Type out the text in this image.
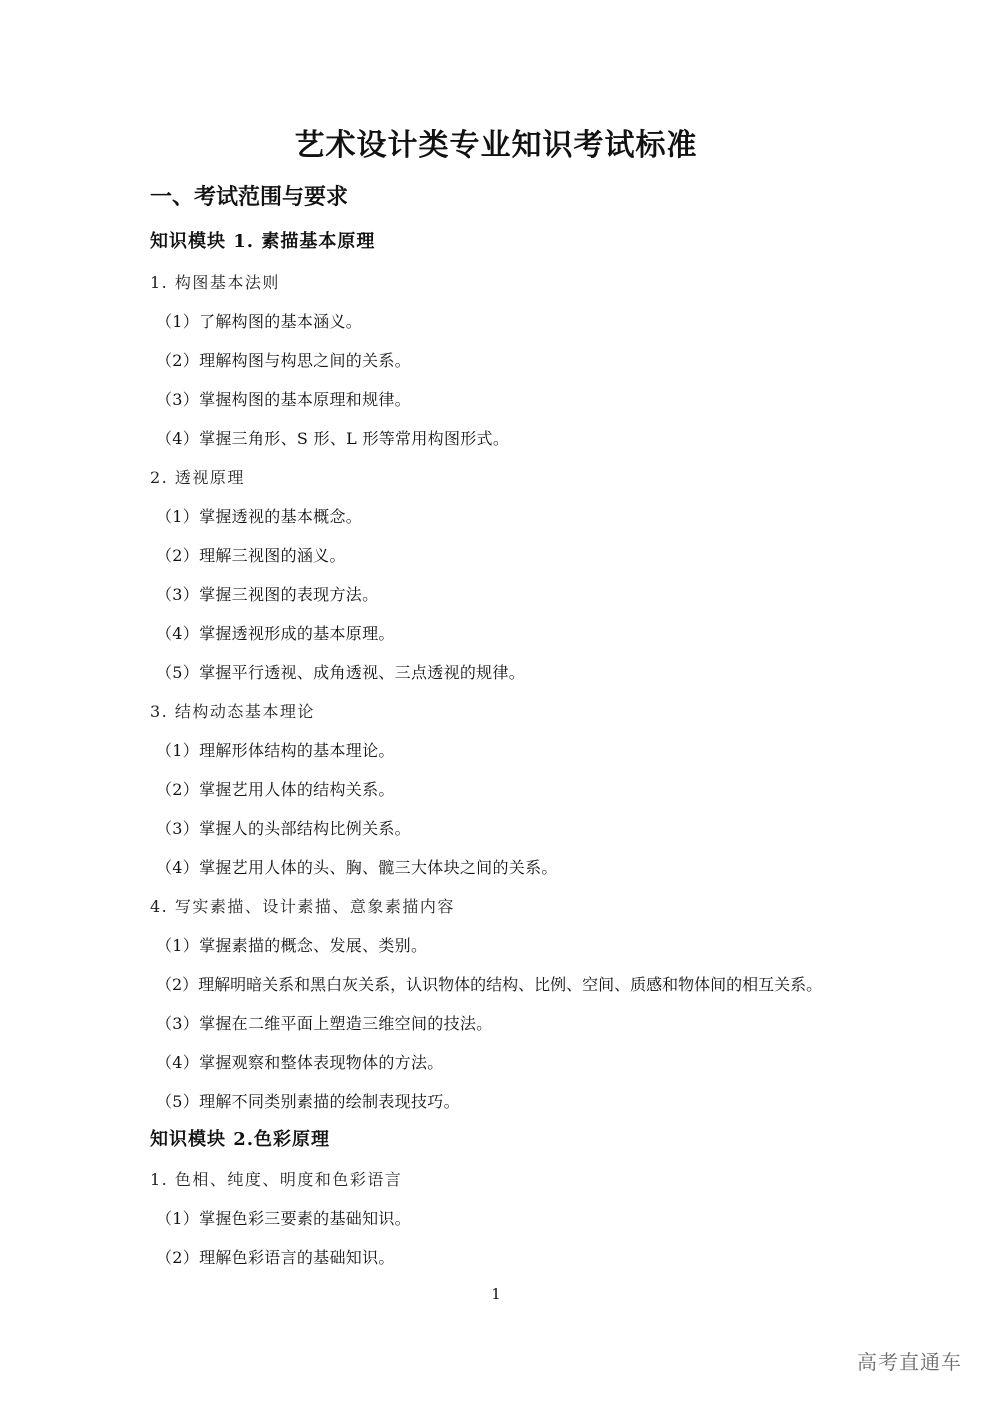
艺术设计类专业知识考试标准
一、考试范围与要求
知识模块 1. 素描基本原理
1. 构图基本法则
（1）了解构图的基本涵义。
（2）理解构图与构思之间的关系。
（3）掌握构图的基本原理和规律。
（4）掌握三角形、S 形、L 形等常用构图形式。
2. 透视原理
（1）掌握透视的基本概念。
（2）理解三视图的涵义。
（3）掌握三视图的表现方法。
（4）掌握透视形成的基本原理。
（5）掌握平行透视、成角透视、三点透视的规律。
3. 结构动态基本理论
（1）理解形体结构的基本理论。
（2）掌握艺用人体的结构关系。
（3）掌握人的头部结构比例关系。
（4）掌握艺用人体的头、胸、髋三大体块之间的关系。
4. 写实素描、设计素描、意象素描内容
（1）掌握素描的概念、发展、类别。
（2）理解明暗关系和黑白灰关系，认识物体的结构、比例、空间、质感和物体间的相互关系。
（3）掌握在二维平面上塑造三维空间的技法。
（4）掌握观察和整体表现物体的方法。
（5）理解不同类别素描的绘制表现技巧。
知识模块 2.色彩原理
1. 色相、纯度、明度和色彩语言
（1）掌握色彩三要素的基础知识。
（2）理解色彩语言的基础知识。
1
高考直通车
